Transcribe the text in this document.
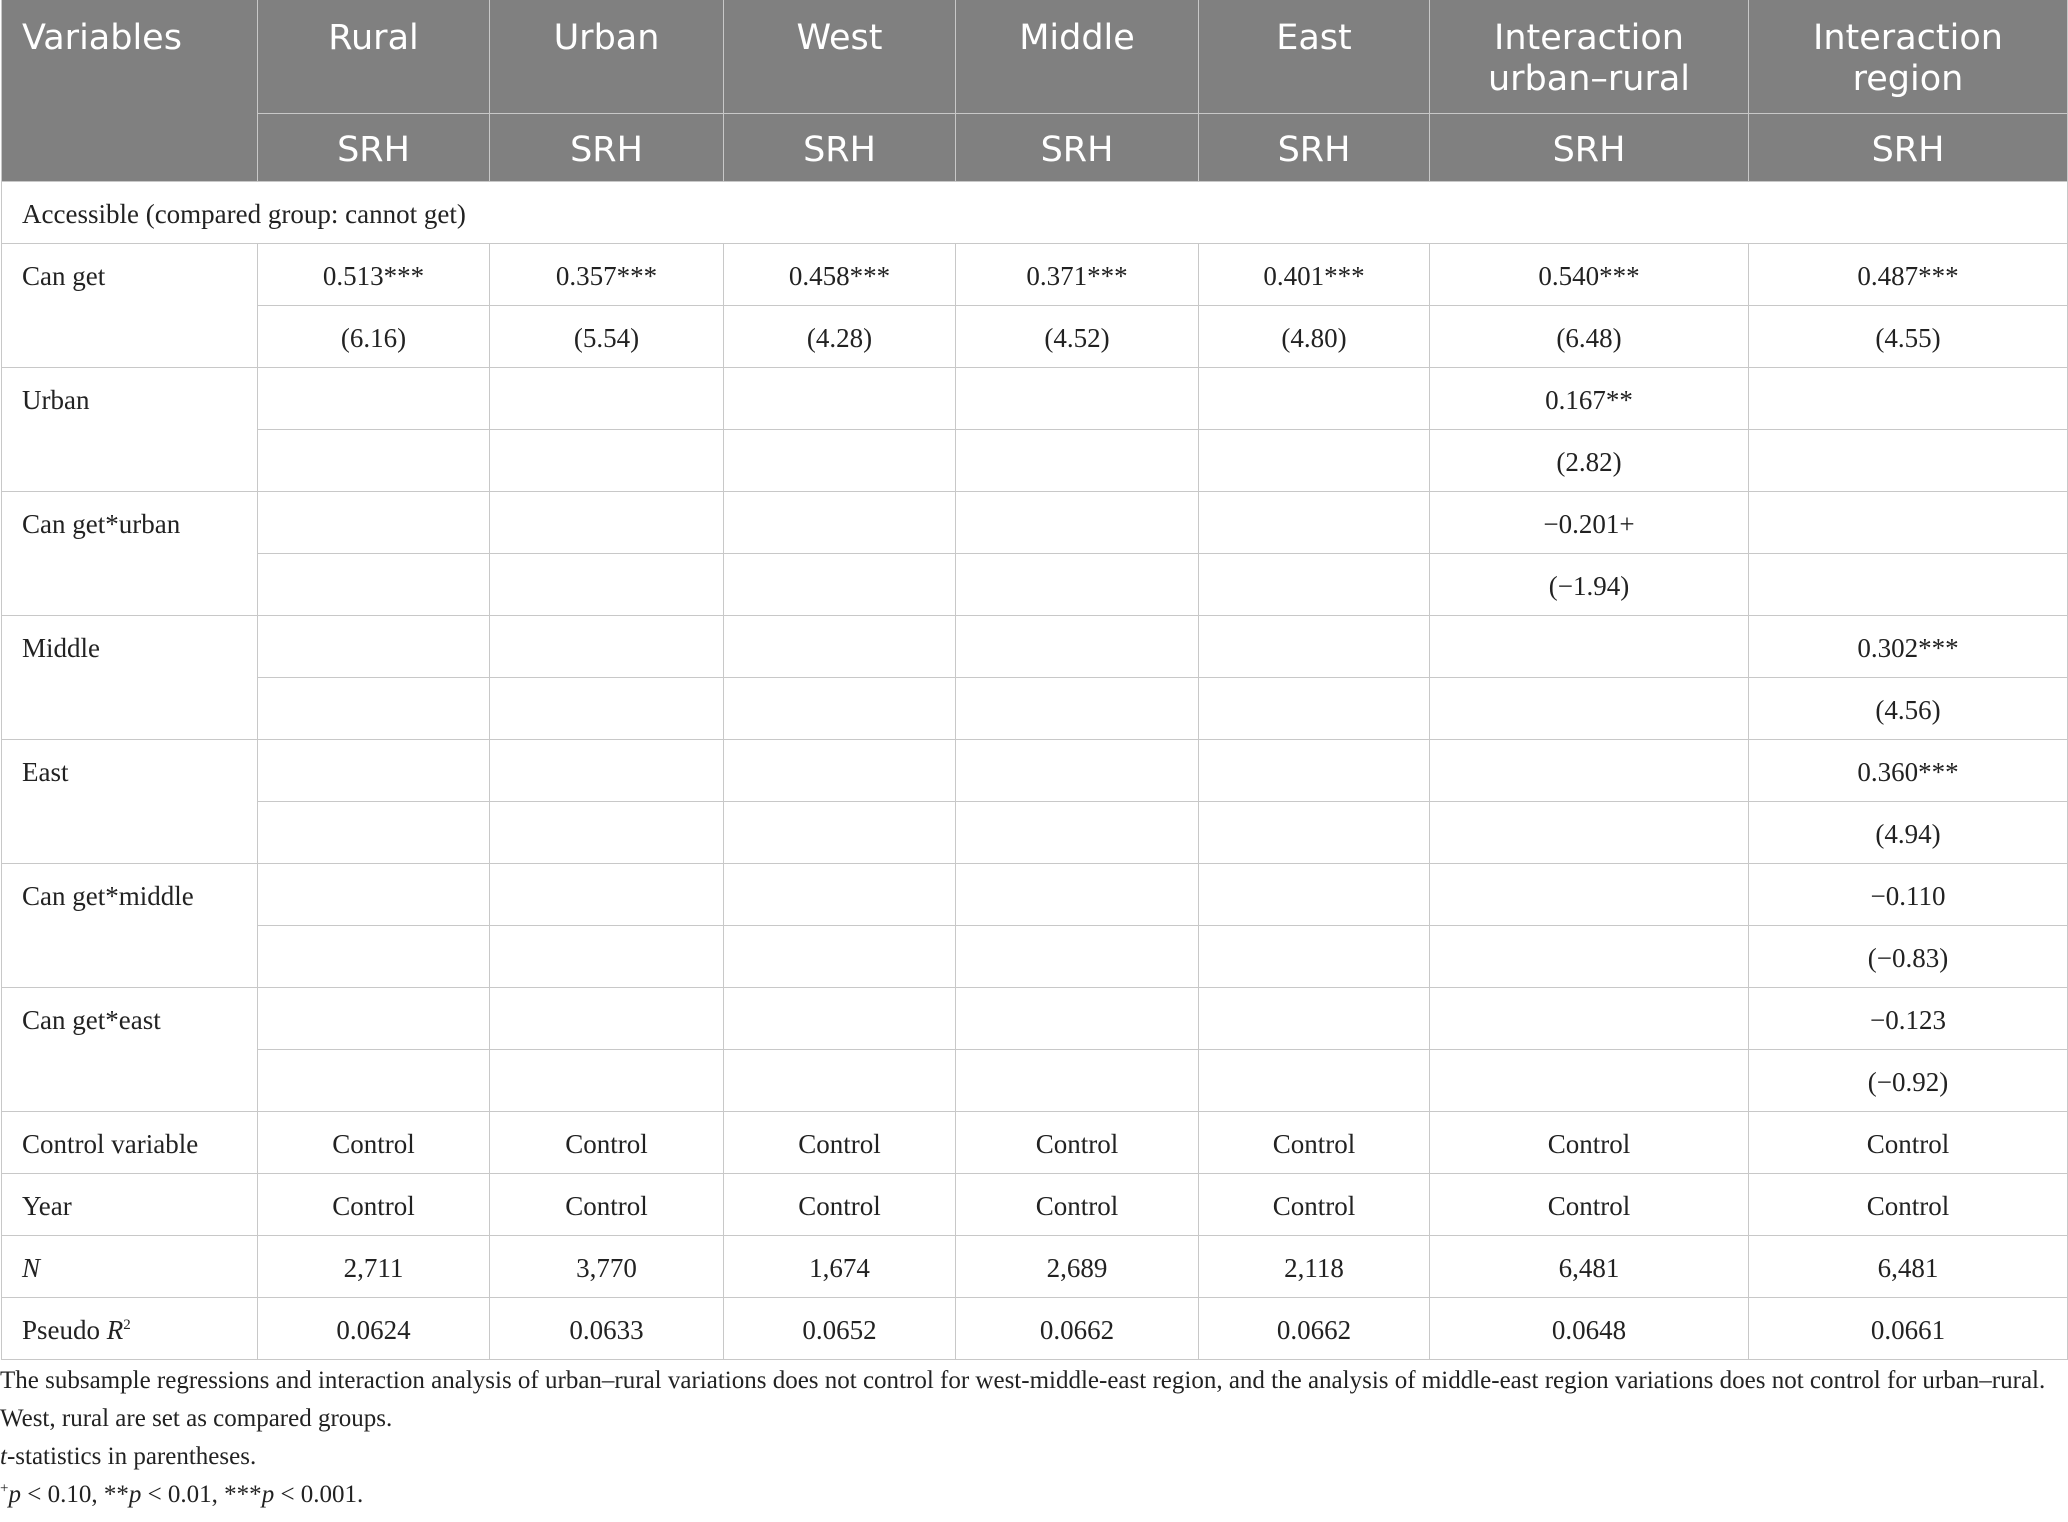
Variables	Rural	Urban	West	Middle	East	Interaction urban–rural	Interaction region
	SRH	SRH	SRH	SRH	SRH	SRH	SRH
Accessible (compared group: cannot get)							
Can get	0.513***	0.357***	0.458***	0.371***	0.401***	0.540***	0.487***
	(6.16)	(5.54)	(4.28)	(4.52)	(4.80)	(6.48)	(4.55)
Urban						0.167**	
						(2.82)	
Can get*urban						−0.201+	
						(−1.94)	
Middle							0.302***
							(4.56)
East							0.360***
							(4.94)
Can get*middle							−0.110
							(−0.83)
Can get*east							−0.123
							(−0.92)
Control variable	Control	Control	Control	Control	Control	Control	Control
Year	Control	Control	Control	Control	Control	Control	Control
N	2,711	3,770	1,674	2,689	2,118	6,481	6,481
Pseudo $R^2$	0.0624	0.0633	0.0652	0.0662	0.0662	0.0648	0.0661

The subsample regressions and interaction analysis of urban–rural variations does not control for west-middle-east region, and the analysis of middle-east region variations does not control for urban–rural. West, rural are set as compared groups.

t-statistics in parentheses.

+p < 0.10, **p < 0.01, ***p < 0.001.
